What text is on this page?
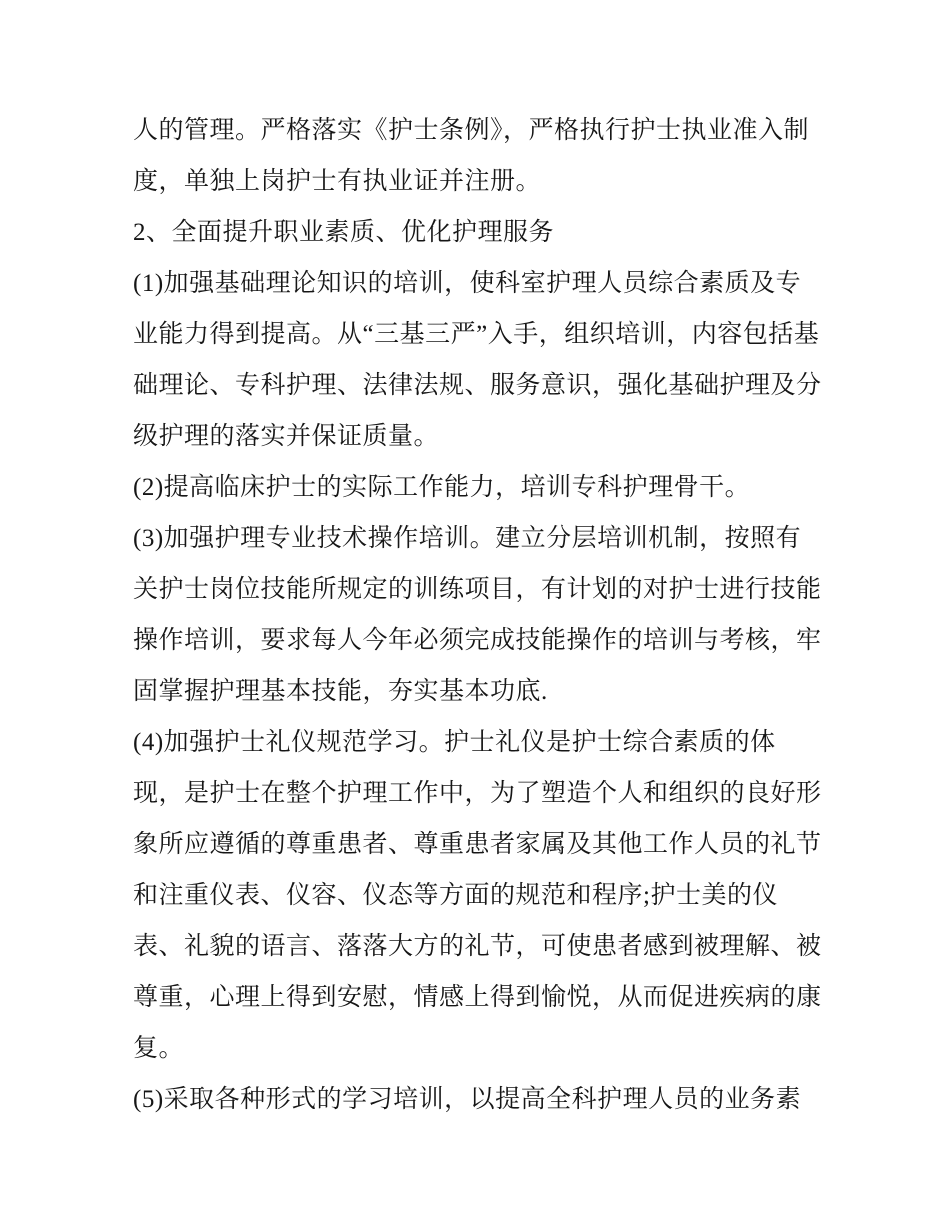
人的管理。严格落实《护士条例》，严格执行护士执业准入制

度，单独上岗护士有执业证并注册。

2、全面提升职业素质、优化护理服务

(1)加强基础理论知识的培训，使科室护理人员综合素质及专

业能力得到提高。从“三基三严”入手，组织培训，内容包括基

础理论、专科护理、法律法规、服务意识，强化基础护理及分

级护理的落实并保证质量。

(2)提高临床护士的实际工作能力，培训专科护理骨干。

(3)加强护理专业技术操作培训。建立分层培训机制，按照有

关护士岗位技能所规定的训练项目，有计划的对护士进行技能

操作培训，要求每人今年必须完成技能操作的培训与考核，牢

固掌握护理基本技能，夯实基本功底.

(4)加强护士礼仪规范学习。护士礼仪是护士综合素质的体

现，是护士在整个护理工作中，为了塑造个人和组织的良好形

象所应遵循的尊重患者、尊重患者家属及其他工作人员的礼节

和注重仪表、仪容、仪态等方面的规范和程序;护士美的仪

表、礼貌的语言、落落大方的礼节，可使患者感到被理解、被

尊重，心理上得到安慰，情感上得到愉悦，从而促进疾病的康

复。

(5)采取各种形式的学习培训，以提高全科护理人员的业务素
